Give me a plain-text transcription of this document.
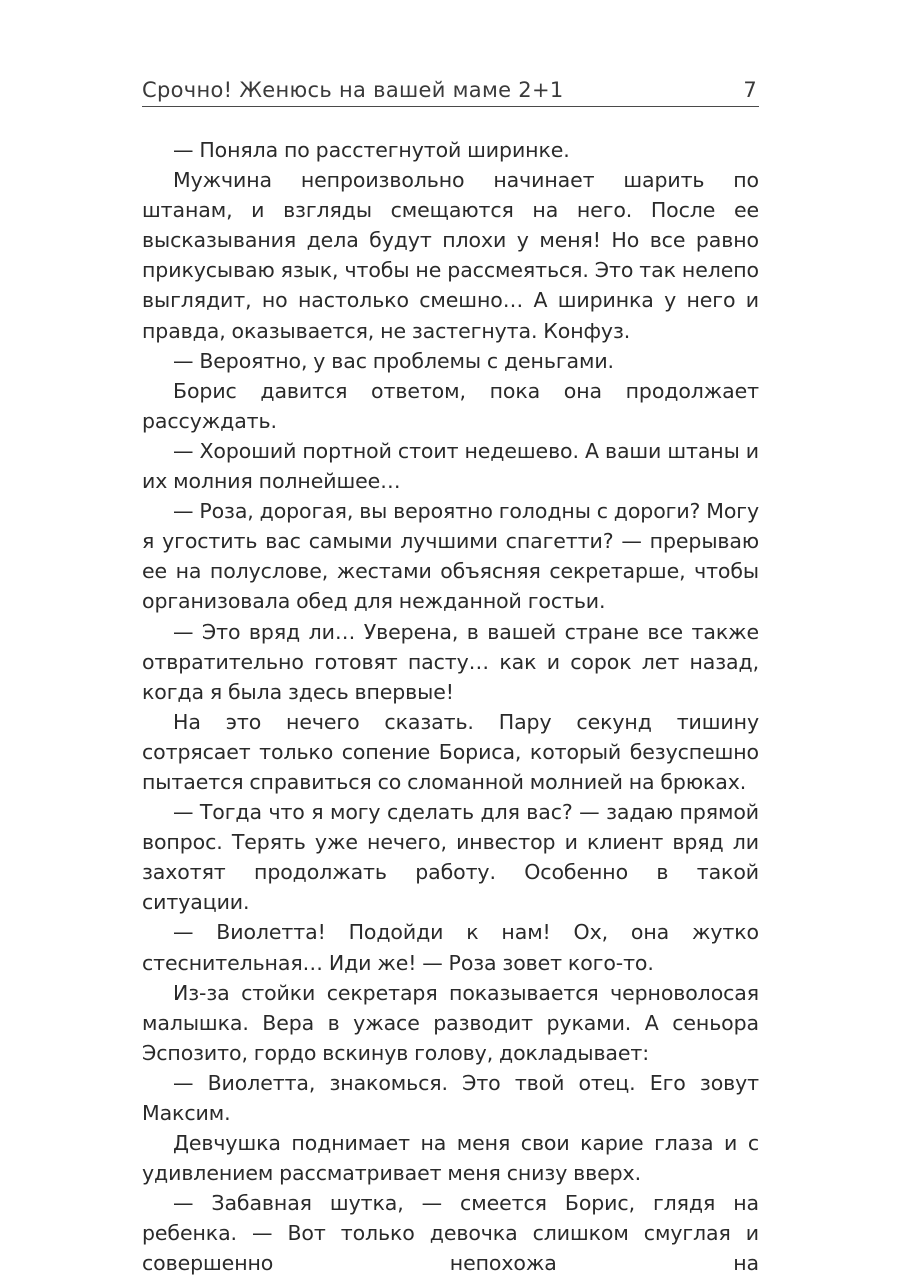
Срочно! Женюсь на вашей маме 2+1	7

— Поняла по расстегнутой ширинке.

Мужчина непроизвольно начинает шарить по штанам, и взгляды смещаются на него. После ее высказывания дела будут плохи у меня! Но все равно прикусываю язык, чтобы не рассмеяться. Это так нелепо выглядит, но настолько смешно… А ширинка у него и правда, оказывается, не застегнута. Конфуз.

— Вероятно, у вас проблемы с деньгами.

Борис давится ответом, пока она продолжает рассуждать.

— Хороший портной стоит недешево. А ваши штаны и их молния полнейшее…

— Роза, дорогая, вы вероятно голодны с дороги? Могу я угостить вас самыми лучшими спагетти? — прерываю ее на полуслове, жестами объясняя секретарше, чтобы организовала обед для нежданной гостьи.

— Это вряд ли… Уверена, в вашей стране все также отвратительно готовят пасту… как и сорок лет назад, когда я была здесь впервые!

На это нечего сказать. Пару секунд тишину сотрясает только сопение Бориса, который безуспешно пытается справиться со сломанной молнией на брюках.

— Тогда что я могу сделать для вас? — задаю прямой вопрос. Терять уже нечего, инвестор и клиент вряд ли захотят продолжать работу. Особенно в такой ситуации.

— Виолетта! Подойди к нам! Ох, она жутко стеснительная… Иди же! — Роза зовет кого-то.

Из-за стойки секретаря показывается черноволосая малышка. Вера в ужасе разводит руками. А сеньора Эспозито, гордо вскинув голову, докладывает:

— Виолетта, знакомься. Это твой отец. Его зовут Максим.

Девчушка поднимает на меня свои карие глаза и с удивлением рассматривает меня снизу вверх.

— Забавная шутка, — смеется Борис, глядя на ребенка. — Вот только девочка слишком смуглая и совершенно непохожа на
